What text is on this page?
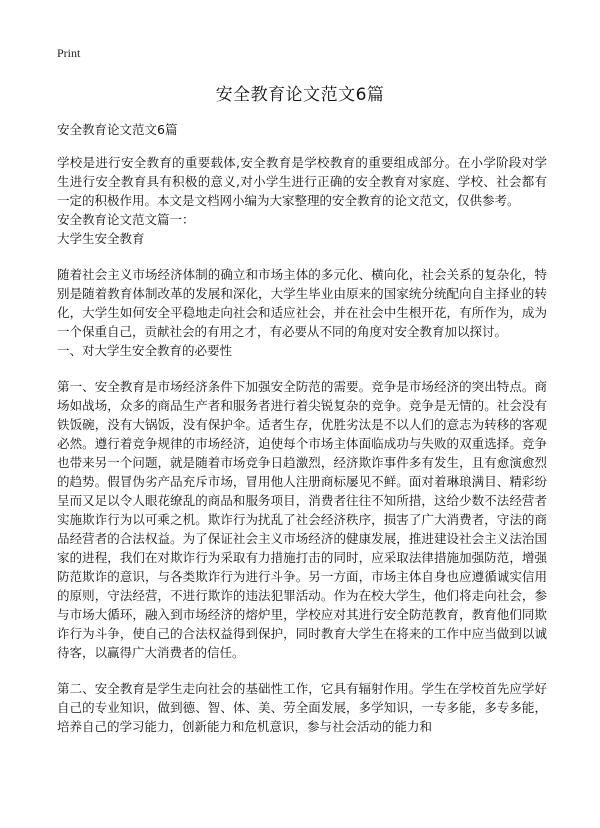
Print
安全教育论文范文6篇

安全教育论文范文6篇

学校是进行安全教育的重要载体,安全教育是学校教育的重要组成部分。在小学阶段对学生进行安全教育具有积极的意义,对小学生进行正确的安全教育对家庭、学校、社会都有一定的积极作用。本文是文档网小编为大家整理的安全教育的论文范文，仅供参考。

安全教育论文范文篇一：

大学生安全教育

随着社会主义市场经济体制的确立和市场主体的多元化、横向化，社会关系的复杂化，特别是随着教育体制改革的发展和深化，大学生毕业由原来的国家统分统配向自主择业的转化，大学生如何安全平稳地走向社会和适应社会，并在社会中生根开花，有所作为，成为一个保重自己，贡献社会的有用之才，有必要从不同的角度对安全教育加以探讨。

一、对大学生安全教育的必要性

第一、安全教育是市场经济条件下加强安全防范的需要。竞争是市场经济的突出特点。商场如战场，众多的商品生产者和服务者进行着尖锐复杂的竞争。竞争是无情的。社会没有铁饭碗，没有大锅饭，没有保护伞。适者生存，优胜劣汰是不以人们的意志为转移的客观必然。遵行着竞争规律的市场经济，迫使每个市场主体面临成功与失败的双重选择。竞争也带来另一个问题，就是随着市场竞争日趋激烈，经济欺诈事件多有发生，且有愈演愈烈的趋势。假冒伪劣产品充斥市场，冒用他人注册商标屡见不鲜。面对着琳琅满目、精彩纷呈而又足以令人眼花缭乱的商品和服务项目，消费者往往不知所措，这给少数不法经营者实施欺诈行为以可乘之机。欺诈行为扰乱了社会经济秩序，损害了广大消费者，守法的商品经营者的合法权益。为了保证社会主义市场经济的健康发展，推进建设社会主义法治国家的进程，我们在对欺诈行为采取有力措施打击的同时，应采取法律措施加强防范，增强防范欺诈的意识，与各类欺诈行为进行斗争。另一方面，市场主体自身也应遵循诚实信用的原则，守法经营，不进行欺诈的违法犯罪活动。作为在校大学生，他们将走向社会，参与市场大循环，融入到市场经济的熔炉里，学校应对其进行安全防范教育，教育他们同欺诈行为斗争，使自己的合法权益得到保护，同时教育大学生在将来的工作中应当做到以诚待客，以赢得广大消费者的信任。

第二、安全教育是学生走向社会的基础性工作，它具有辐射作用。学生在学校首先应学好自己的专业知识，做到德、智、体、美、劳全面发展，多学知识，一专多能，多专多能，培养自己的学习能力，创新能力和危机意识，参与社会活动的能力和
